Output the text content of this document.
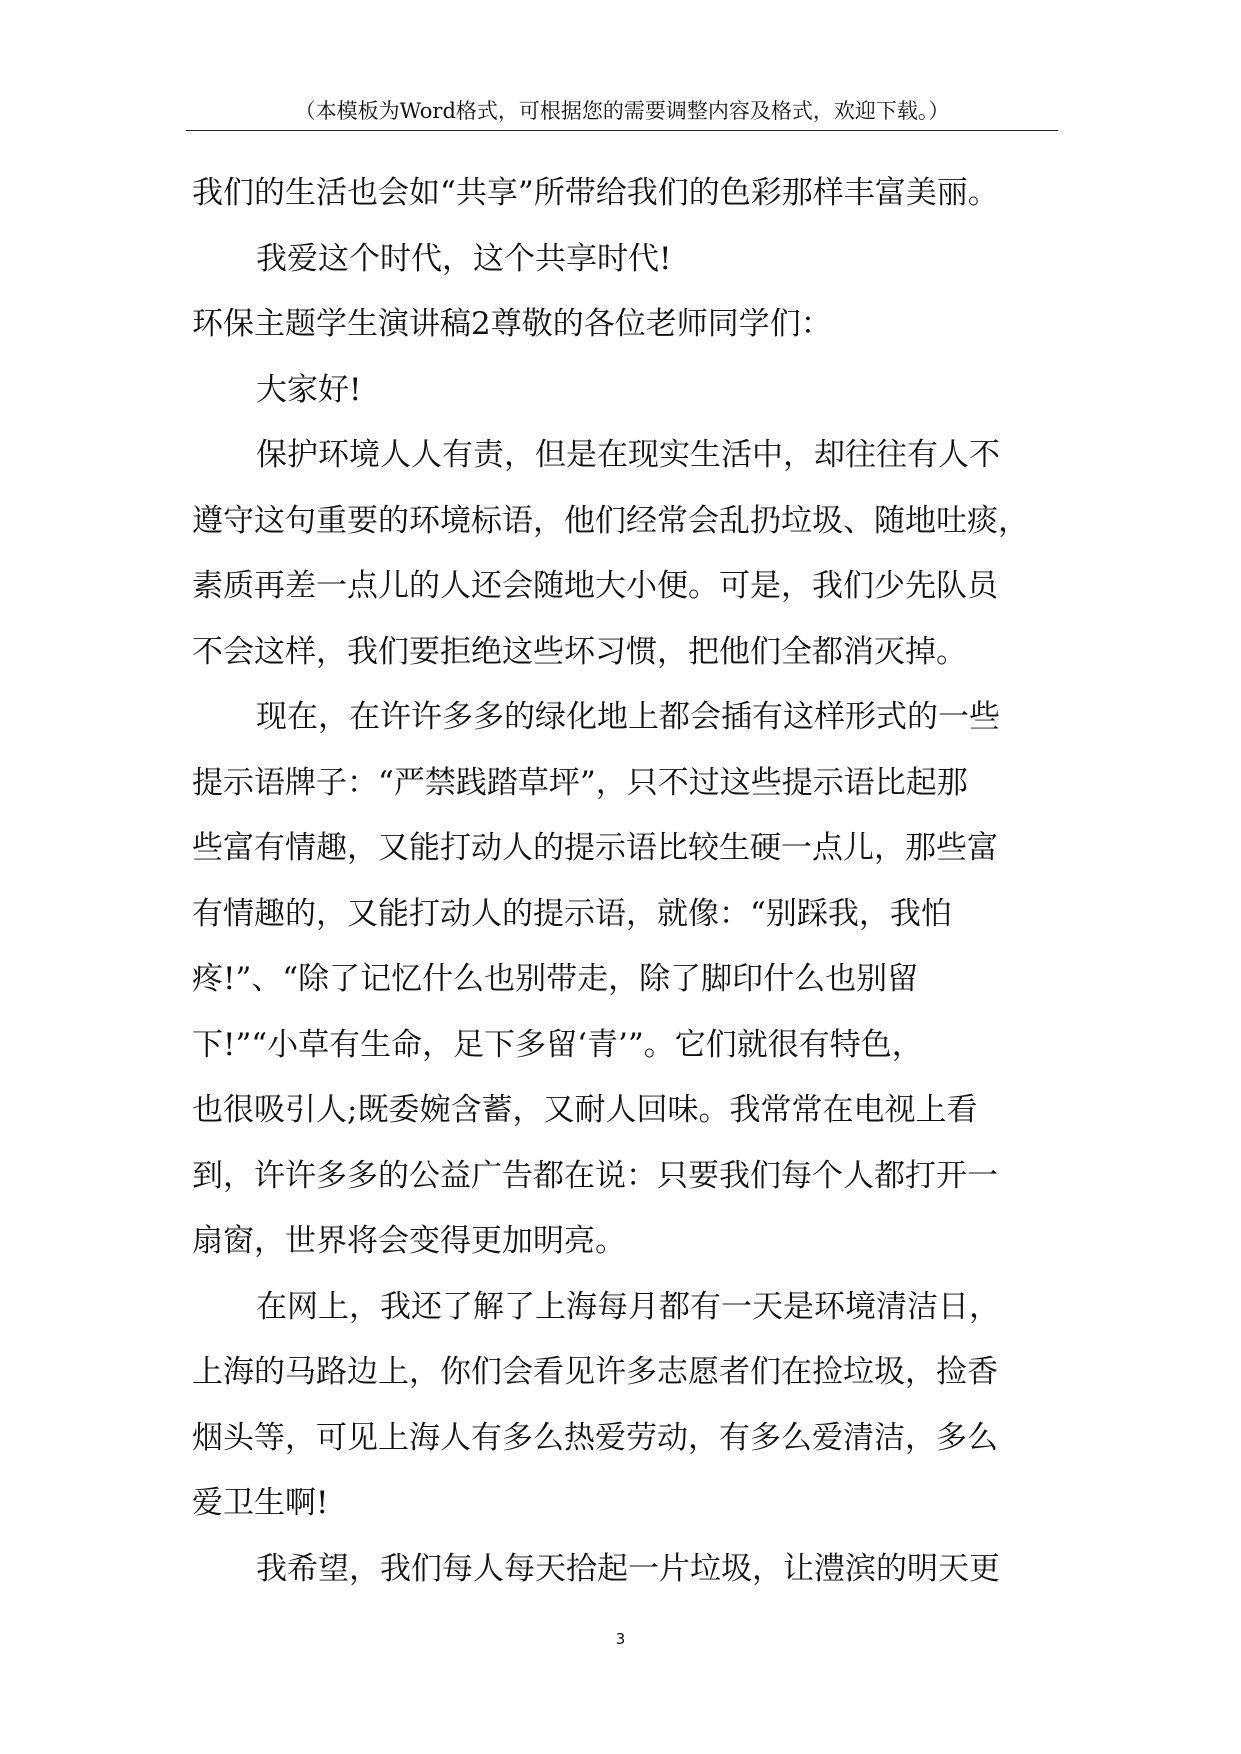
（本模板为Word格式，可根据您的需要调整内容及格式，欢迎下载。）
我们的生活也会如“共享”所带给我们的色彩那样丰富美丽。
我爱这个时代，这个共享时代!
环保主题学生演讲稿2尊敬的各位老师同学们：
大家好!
保护环境人人有责，但是在现实生活中，却往往有人不
遵守这句重要的环境标语，他们经常会乱扔垃圾、随地吐痰，
素质再差一点儿的人还会随地大小便。可是，我们少先队员
不会这样，我们要拒绝这些坏习惯，把他们全都消灭掉。
现在，在许许多多的绿化地上都会插有这样形式的一些
提示语牌子：“严禁践踏草坪”，只不过这些提示语比起那
些富有情趣，又能打动人的提示语比较生硬一点儿，那些富
有情趣的，又能打动人的提示语，就像：“别踩我，我怕
疼!”、“除了记忆什么也别带走，除了脚印什么也别留
下!”“小草有生命，足下多留‘青’”。它们就很有特色，
也很吸引人;既委婉含蓄，又耐人回味。我常常在电视上看
到，许许多多的公益广告都在说：只要我们每个人都打开一
扇窗，世界将会变得更加明亮。
在网上，我还了解了上海每月都有一天是环境清洁日，
上海的马路边上，你们会看见许多志愿者们在捡垃圾，捡香
烟头等，可见上海人有多么热爱劳动，有多么爱清洁，多么
爱卫生啊!
我希望，我们每人每天拾起一片垃圾，让澧滨的明天更
3
